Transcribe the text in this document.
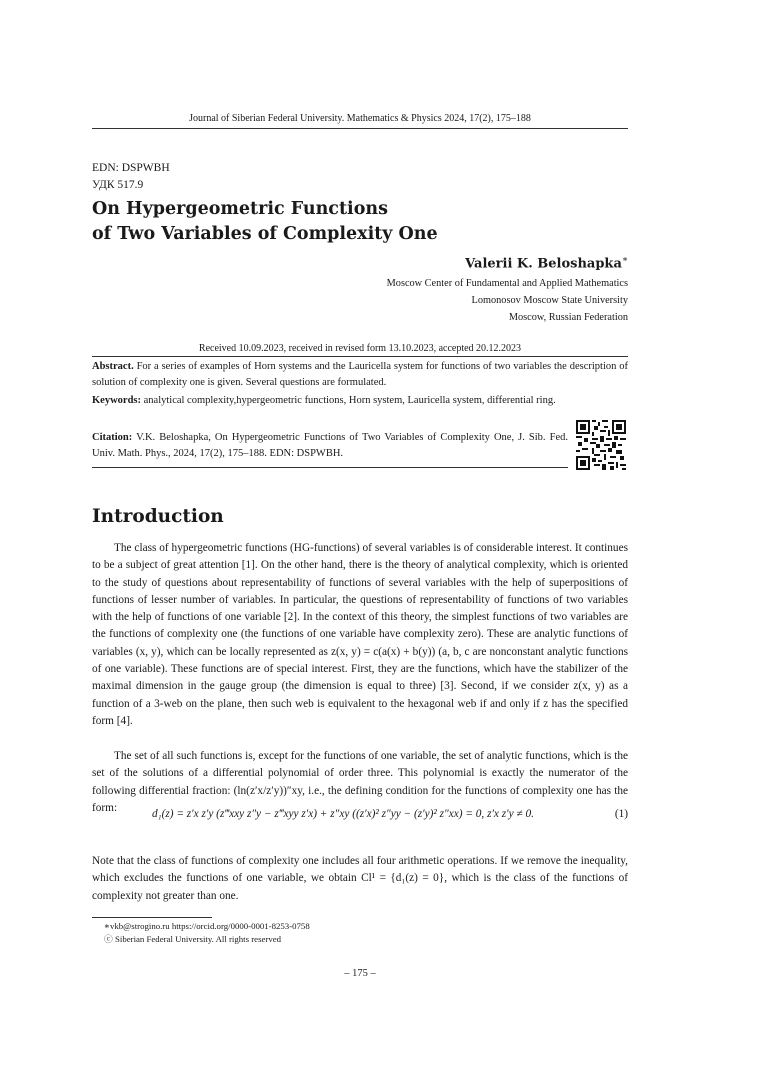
Journal of Siberian Federal University. Mathematics & Physics 2024, 17(2), 175–188
EDN: DSPWBH
УДК 517.9
On Hypergeometric Functions
of Two Variables of Complexity One
Valerii K. Beloshapka∗
Moscow Center of Fundamental and Applied Mathematics
Lomonosov Moscow State University
Moscow, Russian Federation
Received 10.09.2023, received in revised form 13.10.2023, accepted 20.12.2023
Abstract. For a series of examples of Horn systems and the Lauricella system for functions of two variables the description of solution of complexity one is given. Several questions are formulated.
Keywords: analytical complexity,hypergeometric functions, Horn system, Lauricella system, differential ring.
Citation: V.K. Beloshapka, On Hypergeometric Functions of Two Variables of Complexity One, J. Sib. Fed. Univ. Math. Phys., 2024, 17(2), 175–188. EDN: DSPWBH.
Introduction

The class of hypergeometric functions (HG-functions) of several variables is of considerable interest. It continues to be a subject of great attention [1]. On the other hand, there is the theory of analytical complexity, which is oriented to the study of questions about representability of functions of several variables with the help of superpositions of functions of lesser number of variables. In particular, the questions of representability of functions of two variables with the help of functions of one variable [2]. In the context of this theory, the simplest functions of two variables are the functions of complexity one (the functions of one variable have complexity zero). These are analytic functions of variables (x, y), which can be locally represented as z(x, y) = c(a(x) + b(y)) (a, b, c are nonconstant analytic functions of one variable). These functions are of special interest. First, they are the functions, which have the stabilizer of the maximal dimension in the gauge group (the dimension is equal to three) [3]. Second, if we consider z(x, y) as a function of a 3-web on the plane, then such web is equivalent to the hexagonal web if and only if z has the specified form [4].

The set of all such functions is, except for the functions of one variable, the set of analytic functions, which is the set of the solutions of a differential polynomial of order three. This polynomial is exactly the numerator of the following differential fraction: (ln(z′x/z′y))″xy, i.e., the defining condition for the functions of complexity one has the form:

d₁(z) = z′x z′y (z‴xxy z″y − z‴xyy z′x) + z″xy ((z′x)² z″yy − (z′y)² z″xx) = 0, z′x z′y ≠ 0.	(1)

Note that the class of functions of complexity one includes all four arithmetic operations. If we remove the inequality, which excludes the functions of one variable, we obtain Cl¹ = {d₁(z) = 0}, which is the class of the functions of complexity not greater than one.

∗vkb@strogino.ru https://orcid.org/0000-0001-8253-0758
ⓒ Siberian Federal University. All rights reserved
– 175 –
